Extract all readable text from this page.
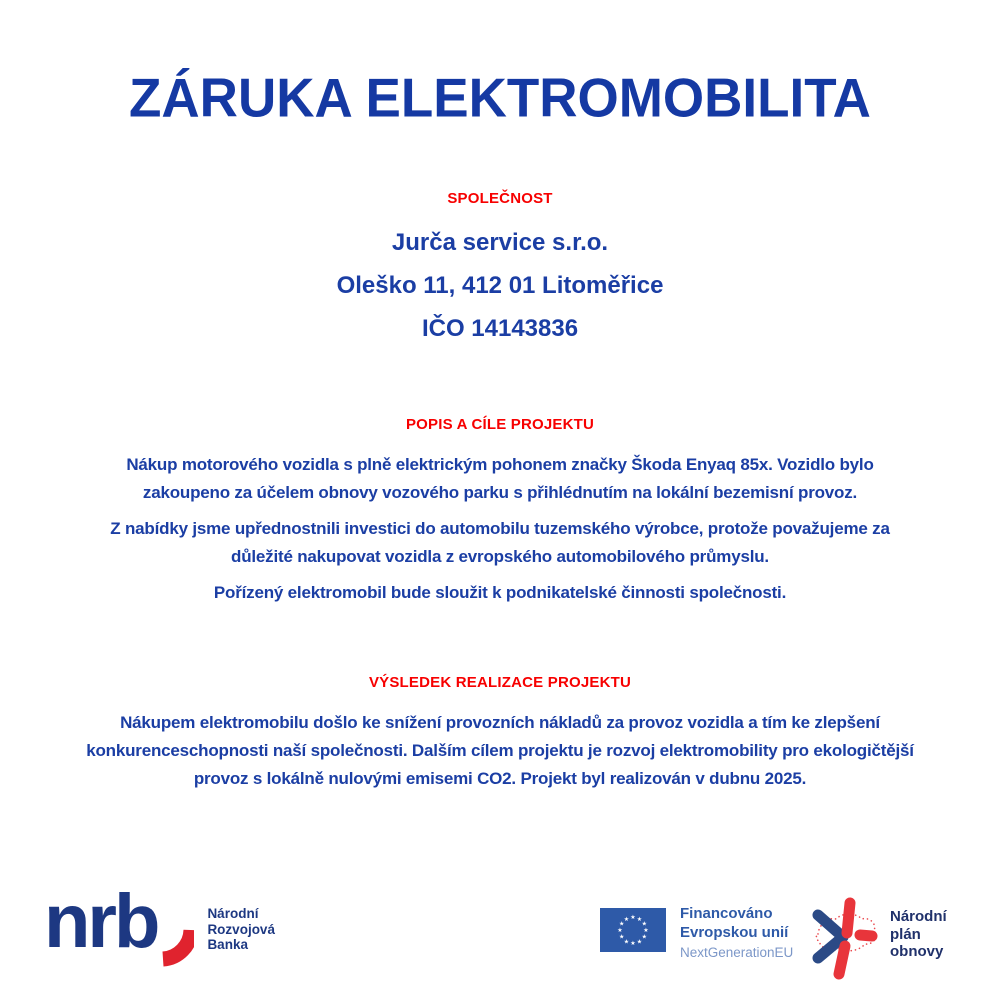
ZÁRUKA ELEKTROMOBILITA
SPOLEČNOST
Jurča service s.r.o.
Oleško 11, 412 01 Litoměřice
IČO 14143836
POPIS A CÍLE PROJEKTU

Nákup motorového vozidla s plně elektrickým pohonem značky Škoda Enyaq 85x. Vozidlo bylo zakoupeno za účelem obnovy vozového parku s přihlédnutím na lokální bezemisní provoz.

Z nabídky jsme upřednostnili investici do automobilu tuzemského výrobce, protože považujeme za důležité nakupovat vozidla z evropského automobilového průmyslu.

Pořízený elektromobil bude sloužit k podnikatelské činnosti společnosti.

VÝSLEDEK REALIZACE PROJEKTU

Nákupem elektromobilu došlo ke snížení provozních nákladů za provoz vozidla a tím ke zlepšení konkurenceschopnosti naší společnosti. Dalším cílem projektu je rozvoj elektromobility pro ekologičtější provoz s lokálně nulovými emisemi CO2. Projekt byl realizován v dubnu 2025.

nrb	Národní
Rozvojová
Banka
★ ★
★
★
★
★
★
★
★
★
★
★	Financováno
Evropskou unií
NextGenerationEU
Národní
plán
obnovy
